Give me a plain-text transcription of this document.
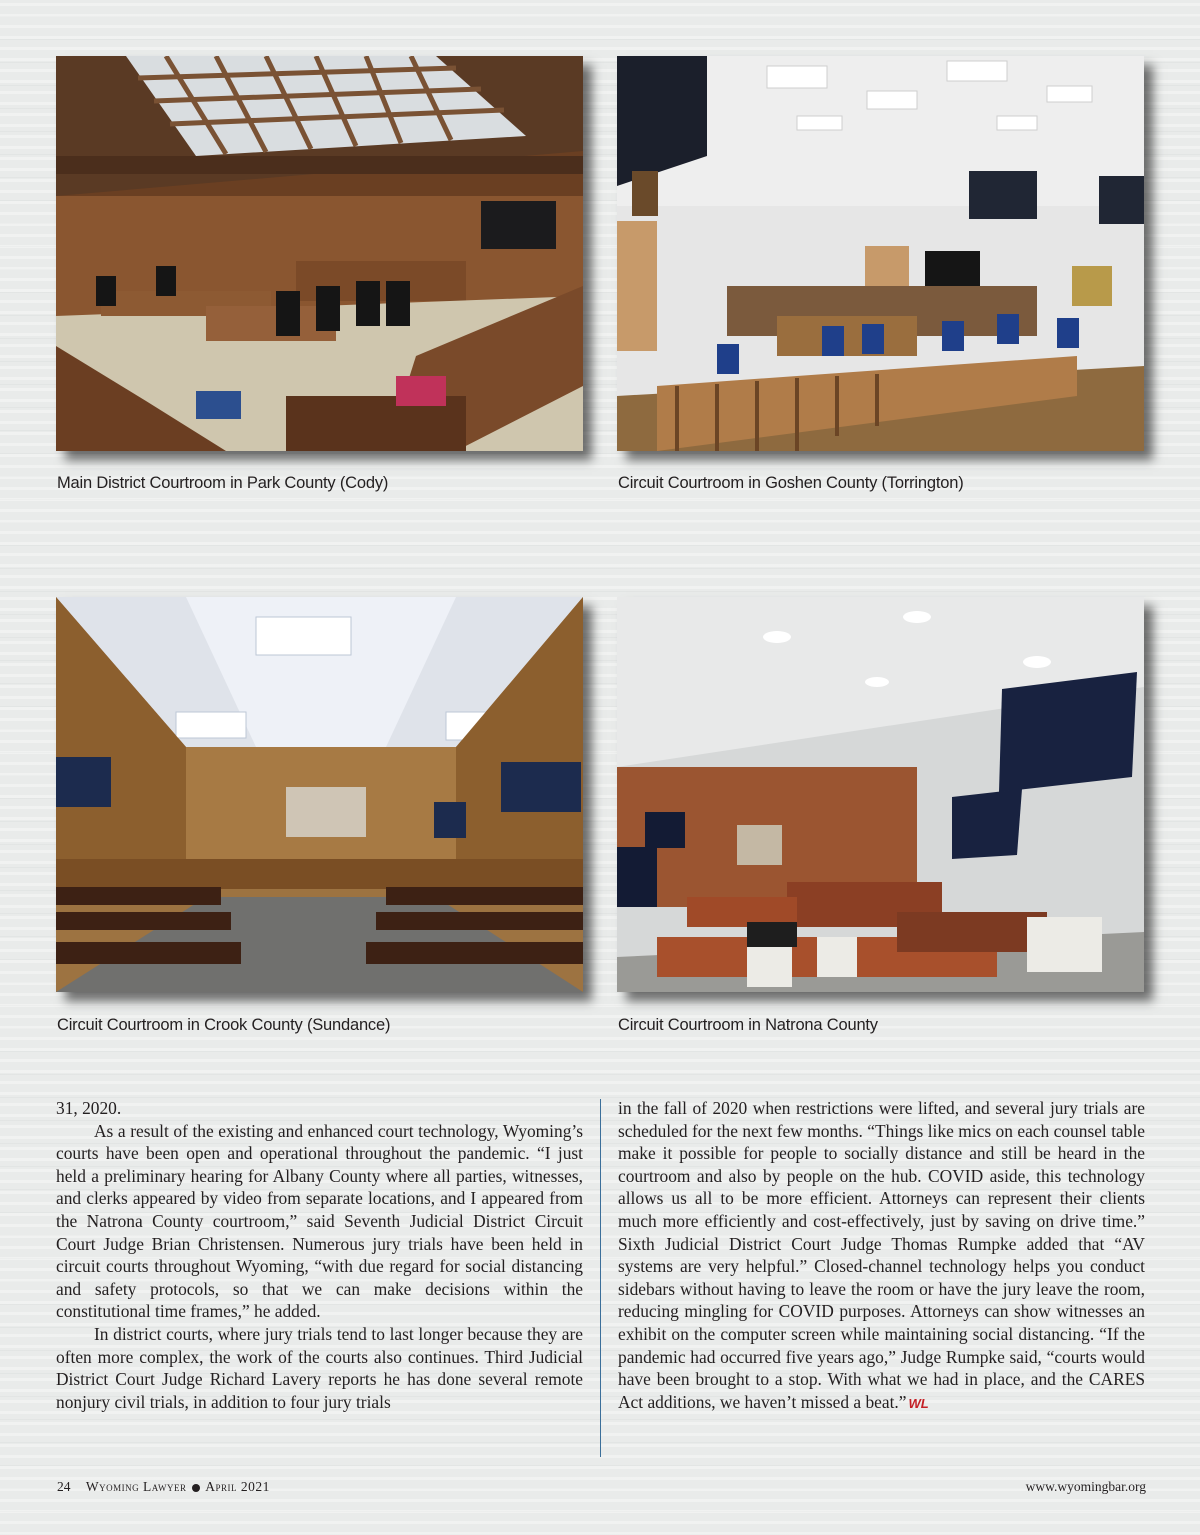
Main District Courtroom in Park County (Cody)	Circuit Courtroom in Goshen County (Torrington)
Circuit Courtroom in Crook County (Sundance)	Circuit Courtroom in Natrona County

31, 2020.

As a result of the existing and enhanced court technology, Wyoming’s courts have been open and operational throughout the pandemic. “I just held a preliminary hearing for Albany County where all parties, witnesses, and clerks appeared by video from separate locations, and I appeared from the Natrona County courtroom,” said Seventh Judicial District Circuit Court Judge Brian Christensen. Numerous jury trials have been held in circuit courts throughout Wyoming, “with due regard for social distancing and safety protocols, so that we can make decisions within the constitutional time frames,” he added.

In district courts, where jury trials tend to last longer because they are often more complex, the work of the courts also continues. Third Judicial District Court Judge Richard Lavery reports he has done several remote nonjury civil trials, in addition to four jury trials

in the fall of 2020 when restrictions were lifted, and several jury trials are scheduled for the next few months. “Things like mics on each counsel table make it possible for people to socially distance and still be heard in the courtroom and also by people on the hub. COVID aside, this technology allows us all to be more efficient. Attorneys can represent their clients much more efficiently and cost-effectively, just by saving on drive time.” Sixth Judicial District Court Judge Thomas Rumpke added that “AV systems are very helpful.” Closed-channel technology helps you conduct sidebars without having to leave the room or have the jury leave the room, reducing mingling for COVID purposes. Attorneys can show witnesses an exhibit on the computer screen while maintaining social distancing. “If the pandemic had occurred five years ago,” Judge Rumpke said, “courts would have been brought to a stop. With what we had in place, and the CARES Act additions, we haven’t missed a beat.” WL

24 Wyoming Lawyer April 2021	www.wyomingbar.org
